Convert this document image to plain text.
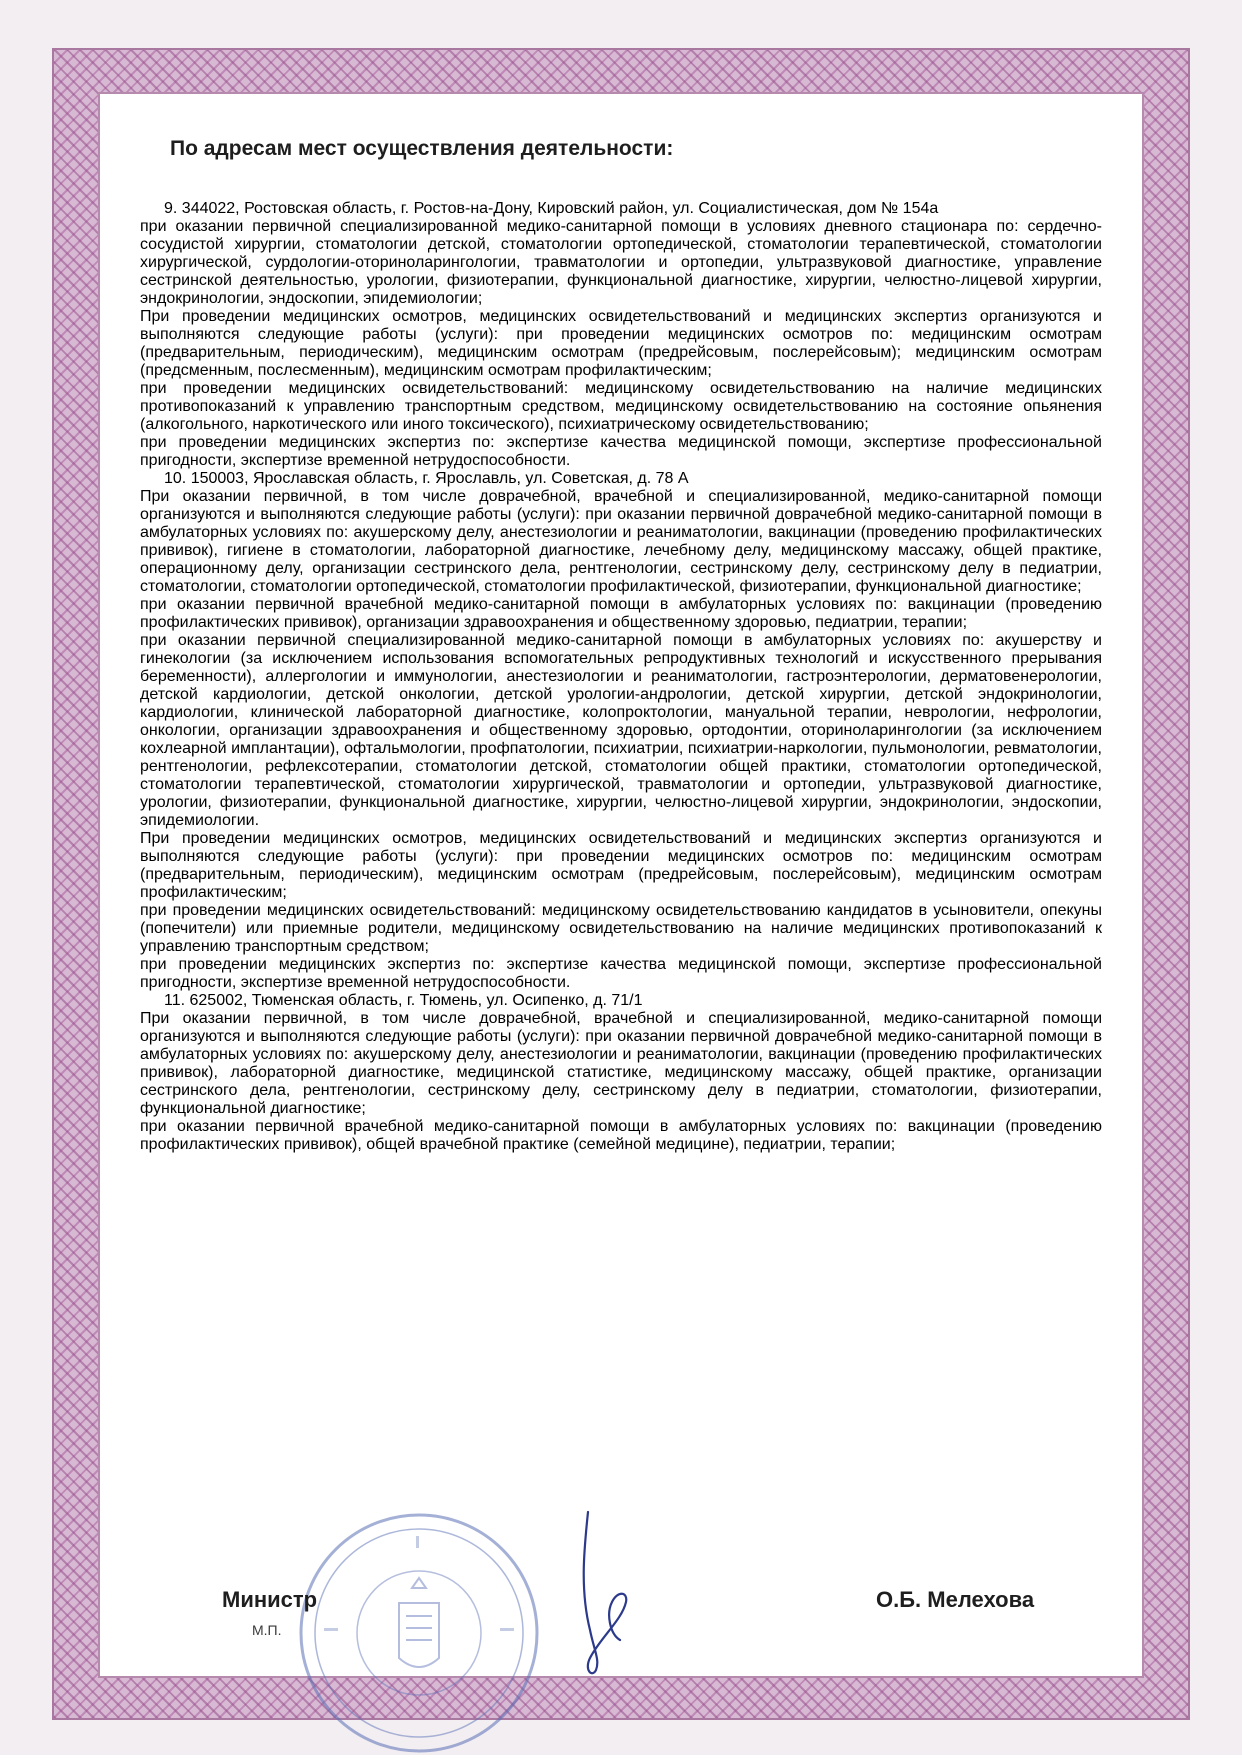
По адресам мест осуществления деятельности:

9. 344022, Ростовская область, г. Ростов-на-Дону, Кировский район, ул. Социалистическая, дом № 154а

при оказании первичной специализированной медико-санитарной помощи в условиях дневного стационара по: сердечно-сосудистой хирургии, стоматологии детской, стоматологии ортопедической, стоматологии терапевтической, стоматологии хирургической, сурдологии-оториноларингологии, травматологии и ортопедии, ультразвуковой диагностике, управление сестринской деятельностью, урологии, физиотерапии, функциональной диагностике, хирургии, челюстно-лицевой хирургии, эндокринологии, эндоскопии, эпидемиологии;

При проведении медицинских осмотров, медицинских освидетельствований и медицинских экспертиз организуются и выполняются следующие работы (услуги): при проведении медицинских осмотров по: медицинским осмотрам (предварительным, периодическим), медицинским осмотрам (предрейсовым, послерейсовым); медицинским осмотрам (предсменным, послесменным), медицинским осмотрам профилактическим;

при проведении медицинских освидетельствований: медицинскому освидетельствованию на наличие медицинских противопоказаний к управлению транспортным средством, медицинскому освидетельствованию на состояние опьянения (алкогольного, наркотического или иного токсического), психиатрическому освидетельствованию;

при проведении медицинских экспертиз по: экспертизе качества медицинской помощи, экспертизе профессиональной пригодности, экспертизе временной нетрудоспособности.

10. 150003, Ярославская область, г. Ярославль, ул. Советская, д. 78 А

При оказании первичной, в том числе доврачебной, врачебной и специализированной, медико-санитарной помощи организуются и выполняются следующие работы (услуги): при оказании первичной доврачебной медико-санитарной помощи в амбулаторных условиях по: акушерскому делу, анестезиологии и реаниматологии, вакцинации (проведению профилактических прививок), гигиене в стоматологии, лабораторной диагностике, лечебному делу, медицинскому массажу, общей практике, операционному делу, организации сестринского дела, рентгенологии, сестринскому делу, сестринскому делу в педиатрии, стоматологии, стоматологии ортопедической, стоматологии профилактической, физиотерапии, функциональной диагностике;

при оказании первичной врачебной медико-санитарной помощи в амбулаторных условиях по: вакцинации (проведению профилактических прививок), организации здравоохранения и общественному здоровью, педиатрии, терапии;

при оказании первичной специализированной медико-санитарной помощи в амбулаторных условиях по: акушерству и гинекологии (за исключением использования вспомогательных репродуктивных технологий и искусственного прерывания беременности), аллергологии и иммунологии, анестезиологии и реаниматологии, гастроэнтерологии, дерматовенерологии, детской кардиологии, детской онкологии, детской урологии-андрологии, детской хирургии, детской эндокринологии, кардиологии, клинической лабораторной диагностике, колопроктологии, мануальной терапии, неврологии, нефрологии, онкологии, организации здравоохранения и общественному здоровью, ортодонтии, оториноларингологии (за исключением кохлеарной имплантации), офтальмологии, профпатологии, психиатрии, психиатрии-наркологии, пульмонологии, ревматологии, рентгенологии, рефлексотерапии, стоматологии детской, стоматологии общей практики, стоматологии ортопедической, стоматологии терапевтической, стоматологии хирургической, травматологии и ортопедии, ультразвуковой диагностике, урологии, физиотерапии, функциональной диагностике, хирургии, челюстно-лицевой хирургии, эндокринологии, эндоскопии, эпидемиологии.

При проведении медицинских осмотров, медицинских освидетельствований и медицинских экспертиз организуются и выполняются следующие работы (услуги): при проведении медицинских осмотров по: медицинским осмотрам (предварительным, периодическим), медицинским осмотрам (предрейсовым, послерейсовым), медицинским осмотрам профилактическим;

при проведении медицинских освидетельствований: медицинскому освидетельствованию кандидатов в усыновители, опекуны (попечители) или приемные родители, медицинскому освидетельствованию на наличие медицинских противопоказаний к управлению транспортным средством;

при проведении медицинских экспертиз по: экспертизе качества медицинской помощи, экспертизе профессиональной пригодности, экспертизе временной нетрудоспособности.

11. 625002, Тюменская область, г. Тюмень, ул. Осипенко, д. 71/1

При оказании первичной, в том числе доврачебной, врачебной и специализированной, медико-санитарной помощи организуются и выполняются следующие работы (услуги): при оказании первичной доврачебной медико-санитарной помощи в амбулаторных условиях по: акушерскому делу, анестезиологии и реаниматологии, вакцинации (проведению профилактических прививок), лабораторной диагностике, медицинской статистике, медицинскому массажу, общей практике, организации сестринского дела, рентгенологии, сестринскому делу, сестринскому делу в педиатрии, стоматологии, физиотерапии, функциональной диагностике;

при оказании первичной врачебной медико-санитарной помощи в амбулаторных условиях по: вакцинации (проведению профилактических прививок), общей врачебной практике (семейной медицине), педиатрии, терапии;

Министр
М.П.
О.Б. Мелехова
